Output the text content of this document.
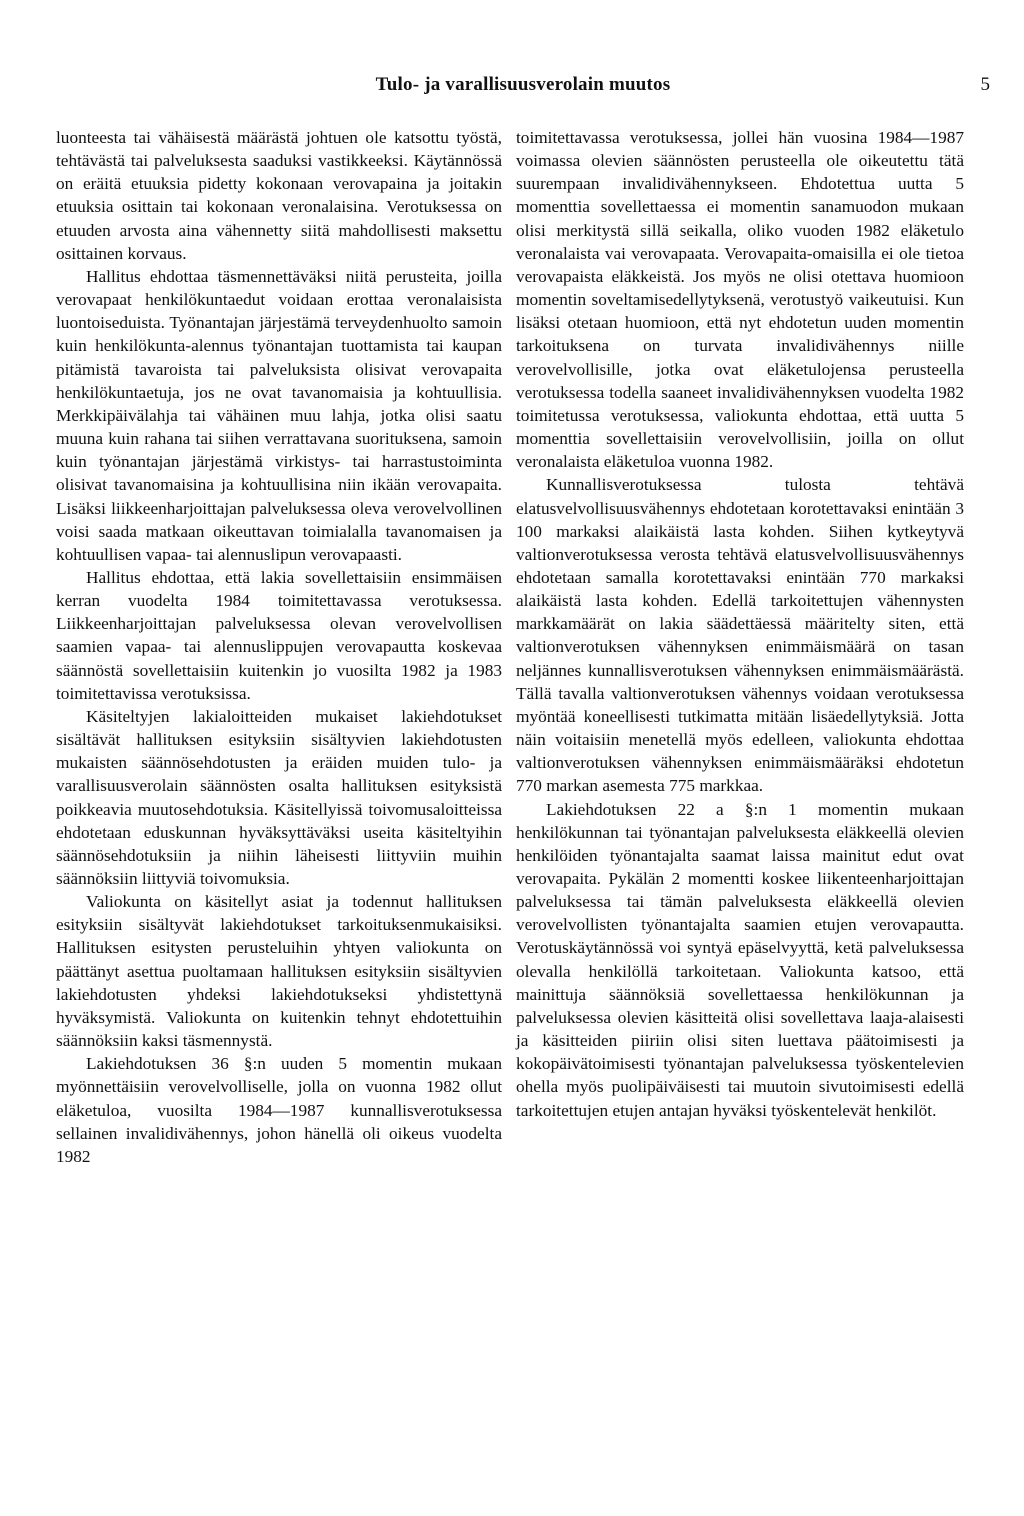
Tulo- ja varallisuusverolain muutos	5

luonteesta tai vähäisestä määrästä johtuen ole katsottu työstä, tehtävästä tai palveluksesta saaduksi vastikkeeksi. Käytännössä on eräitä etuuksia pidetty kokonaan verovapaina ja joitakin etuuksia osittain tai kokonaan veronalaisina. Verotuksessa on etuuden arvosta aina vähennetty siitä mahdollisesti maksettu osittainen korvaus.

Hallitus ehdottaa täsmennettäväksi niitä perusteita, joilla verovapaat henkilökuntaedut voidaan erottaa veronalaisista luontoiseduista. Työnantajan järjestämä terveydenhuolto samoin kuin henkilökunta-alennus työnantajan tuottamista tai kaupan pitämistä tavaroista tai palveluksista olisivat verovapaita henkilökuntaetuja, jos ne ovat tavanomaisia ja kohtuullisia. Merkkipäivälahja tai vähäinen muu lahja, jotka olisi saatu muuna kuin rahana tai siihen verrattavana suorituksena, samoin kuin työnantajan järjestämä virkistys- tai harrastustoiminta olisivat tavanomaisina ja kohtuullisina niin ikään verovapaita. Lisäksi liikkeenharjoittajan palveluksessa oleva verovelvollinen voisi saada matkaan oikeuttavan toimialalla tavanomaisen ja kohtuullisen vapaa- tai alennuslipun verovapaasti.

Hallitus ehdottaa, että lakia sovellettaisiin ensimmäisen kerran vuodelta 1984 toimitettavassa verotuksessa. Liikkeenharjoittajan palveluksessa olevan verovelvollisen saamien vapaa- tai alennuslippujen verovapautta koskevaa säännöstä sovellettaisiin kuitenkin jo vuosilta 1982 ja 1983 toimitettavissa verotuksissa.

Käsiteltyjen lakialoitteiden mukaiset lakiehdotukset sisältävät hallituksen esityksiin sisältyvien lakiehdotusten mukaisten säännösehdotusten ja eräiden muiden tulo- ja varallisuusverolain säännösten osalta hallituksen esityksistä poikkeavia muutosehdotuksia. Käsitellyissä toivomusaloitteissa ehdotetaan eduskunnan hyväksyttäväksi useita käsiteltyihin säännösehdotuksiin ja niihin läheisesti liittyviin muihin säännöksiin liittyviä toivomuksia.

Valiokunta on käsitellyt asiat ja todennut hallituksen esityksiin sisältyvät lakiehdotukset tarkoituksenmukaisiksi. Hallituksen esitysten perusteluihin yhtyen valiokunta on päättänyt asettua puoltamaan hallituksen esityksiin sisältyvien lakiehdotusten yhdeksi lakiehdotukseksi yhdistettynä hyväksymistä. Valiokunta on kuitenkin tehnyt ehdotettuihin säännöksiin kaksi täsmennystä.

Lakiehdotuksen 36 §:n uuden 5 momentin mukaan myönnettäisiin verovelvolliselle, jolla on vuonna 1982 ollut eläketuloa, vuosilta 1984—1987 kunnallisverotuksessa sellainen invalidivähennys, johon hänellä oli oikeus vuodelta 1982

toimitettavassa verotuksessa, jollei hän vuosina 1984—1987 voimassa olevien säännösten perusteella ole oikeutettu tätä suurempaan invalidivähennykseen. Ehdotettua uutta 5 momenttia sovellettaessa ei momentin sanamuodon mukaan olisi merkitystä sillä seikalla, oliko vuoden 1982 eläketulo veronalaista vai verovapaata. Verovapaita-omaisilla ei ole tietoa verovapaista eläkkeistä. Jos myös ne olisi otettava huomioon momentin soveltamisedellytyksenä, verotustyö vaikeutuisi. Kun lisäksi otetaan huomioon, että nyt ehdotetun uuden momentin tarkoituksena on turvata invalidivähennys niille verovelvollisille, jotka ovat eläketulojensa perusteella verotuksessa todella saaneet invalidivähennyksen vuodelta 1982 toimitetussa verotuksessa, valiokunta ehdottaa, että uutta 5 momenttia sovellettaisiin verovelvollisiin, joilla on ollut veronalaista eläketuloa vuonna 1982.

Kunnallisverotuksessa tulosta tehtävä elatusvelvollisuusvähennys ehdotetaan korotettavaksi enintään 3 100 markaksi alaikäistä lasta kohden. Siihen kytkeytyvä valtionverotuksessa verosta tehtävä elatusvelvollisuusvähennys ehdotetaan samalla korotettavaksi enintään 770 markaksi alaikäistä lasta kohden. Edellä tarkoitettujen vähennysten markkamäärät on lakia säädettäessä määritelty siten, että valtionverotuksen vähennyksen enimmäismäärä on tasan neljännes kunnallisverotuksen vähennyksen enimmäismäärästä. Tällä tavalla valtionverotuksen vähennys voidaan verotuksessa myöntää koneellisesti tutkimatta mitään lisäedellytyksiä. Jotta näin voitaisiin menetellä myös edelleen, valiokunta ehdottaa valtionverotuksen vähennyksen enimmäismääräksi ehdotetun 770 markan asemesta 775 markkaa.

Lakiehdotuksen 22 a §:n 1 momentin mukaan henkilökunnan tai työnantajan palveluksesta eläkkeellä olevien henkilöiden työnantajalta saamat laissa mainitut edut ovat verovapaita. Pykälän 2 momentti koskee liikenteenharjoittajan palveluksessa tai tämän palveluksesta eläkkeellä olevien verovelvollisten työnantajalta saamien etujen verovapautta. Verotuskäytännössä voi syntyä epäselvyyttä, ketä palveluksessa olevalla henkilöllä tarkoitetaan. Valiokunta katsoo, että mainittuja säännöksiä sovellettaessa henkilökunnan ja palveluksessa olevien käsitteitä olisi sovellettava laaja-alaisesti ja käsitteiden piiriin olisi siten luettava päätoimisesti ja kokopäivätoimisesti työnantajan palveluksessa työskentelevien ohella myös puolipäiväisesti tai muutoin sivutoimisesti edellä tarkoitettujen etujen antajan hyväksi työskentelevät henkilöt.
